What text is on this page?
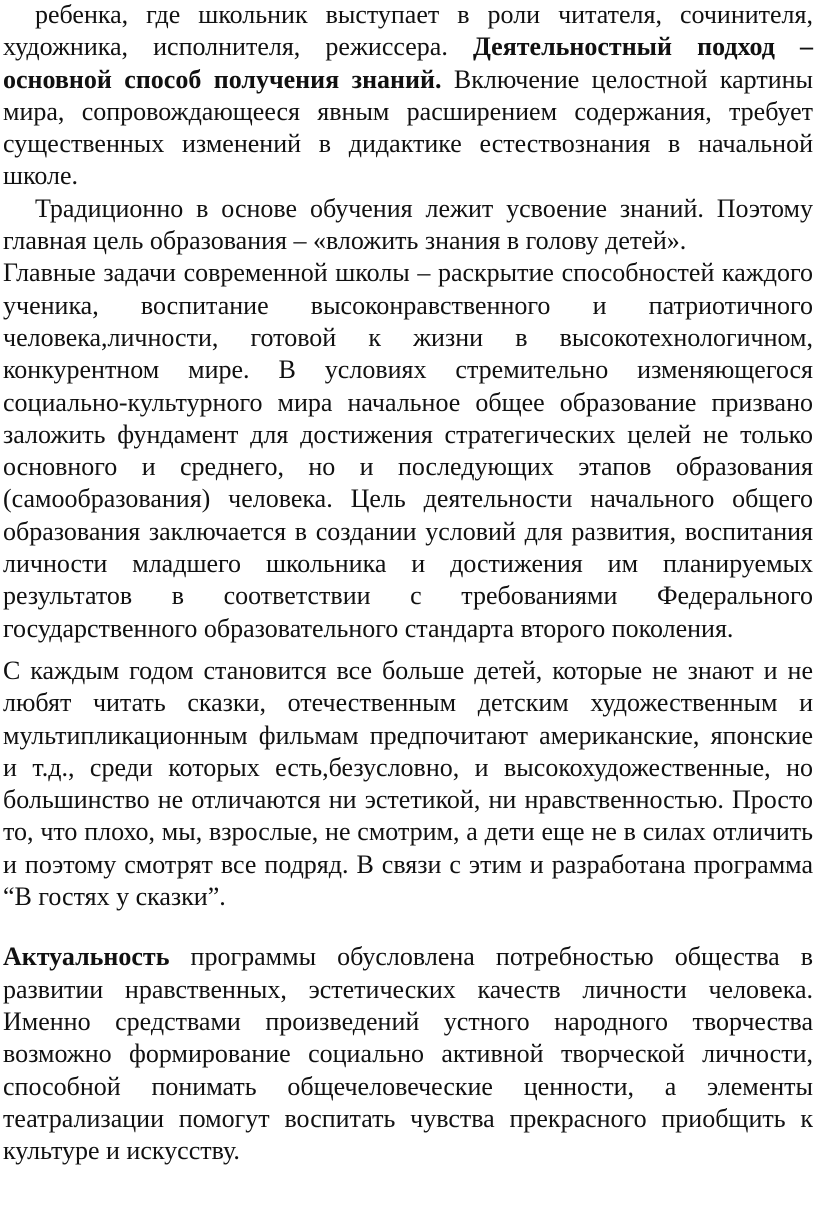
ребенка, где школьник выступает в роли читателя, сочинителя, художника, исполнителя, режиссера. Деятельностный подход – основной способ получения знаний. Включение целостной картины мира, сопровождающееся явным расширением содержания, требует существенных изменений в дидактике естествознания в начальной школе.

Традиционно в основе обучения лежит усвоение знаний. Поэтому главная цель образования – «вложить знания в голову детей».

Главные задачи современной школы – раскрытие способностей каждого ученика, воспитание высоконравственного и патриотичного человека,личности, готовой к жизни в высокотехнологичном, конкурентном мире. В условиях стремительно изменяющегося социально-культурного мира начальное общее образование призвано заложить фундамент для достижения стратегических целей не только основного и среднего, но и последующих этапов образования (самообразования) человека. Цель деятельности начального общего образования заключается в создании условий для развития, воспитания личности младшего школьника и достижения им планируемых результатов в соответствии с требованиями Федерального государственного образовательного стандарта второго поколения.

С каждым годом становится все больше детей, которые не знают и не любят читать сказки, отечественным детским художественным и мультипликационным фильмам предпочитают американские, японские и т.д., среди которых есть,безусловно, и высокохудожественные, но большинство не отличаются ни эстетикой, ни нравственностью. Просто то, что плохо, мы, взрослые, не смотрим, а дети еще не в силах отличить и поэтому смотрят все подряд. В связи с этим и разработана программа “В гостях у сказки”.

Актуальность программы обусловлена потребностью общества в развитии нравственных, эстетических качеств личности человека. Именно средствами произведений устного народного творчества возможно формирование социально активной творческой личности, способной понимать общечеловеческие ценности, а элементы театрализации помогут воспитать чувства прекрасного приобщить к культуре и искусству.
